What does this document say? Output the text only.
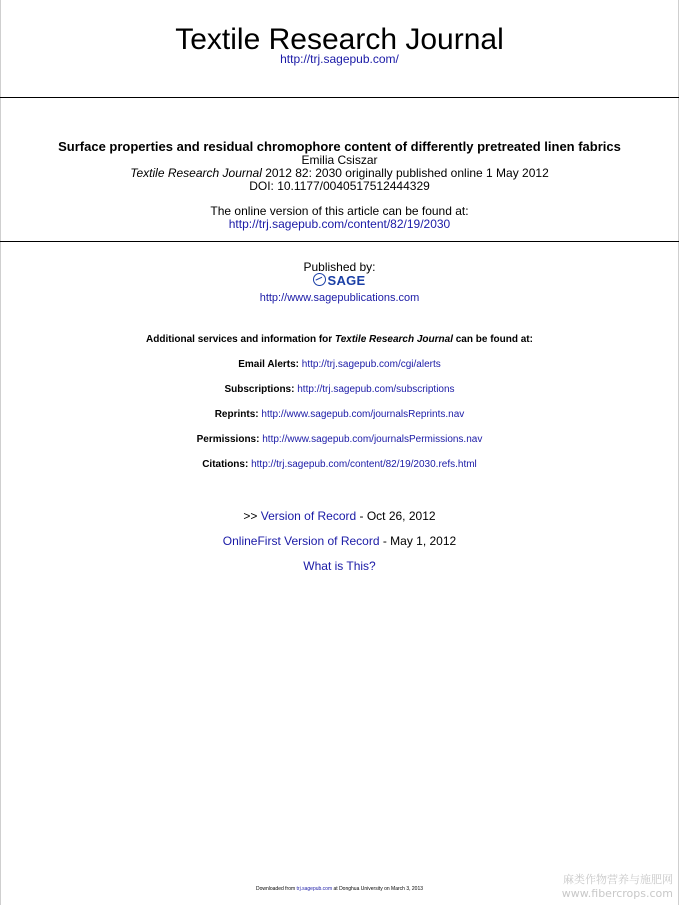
Textile Research Journal
http://trj.sagepub.com/
Surface properties and residual chromophore content of differently pretreated linen fabrics
Emilia Csiszar
Textile Research Journal 2012 82: 2030 originally published online 1 May 2012
DOI: 10.1177/0040517512444329
The online version of this article can be found at:
http://trj.sagepub.com/content/82/19/2030
Published by:
SAGE
http://www.sagepublications.com
Additional services and information for Textile Research Journal can be found at:
Email Alerts: http://trj.sagepub.com/cgi/alerts
Subscriptions: http://trj.sagepub.com/subscriptions
Reprints: http://www.sagepub.com/journalsReprints.nav
Permissions: http://www.sagepub.com/journalsPermissions.nav
Citations: http://trj.sagepub.com/content/82/19/2030.refs.html
>> Version of Record - Oct 26, 2012
OnlineFirst Version of Record - May 1, 2012
What is This?
Downloaded from trj.sagepub.com at Donghua University on March 3, 2013
麻类作物营养与施肥网
www.fibercrops.com
